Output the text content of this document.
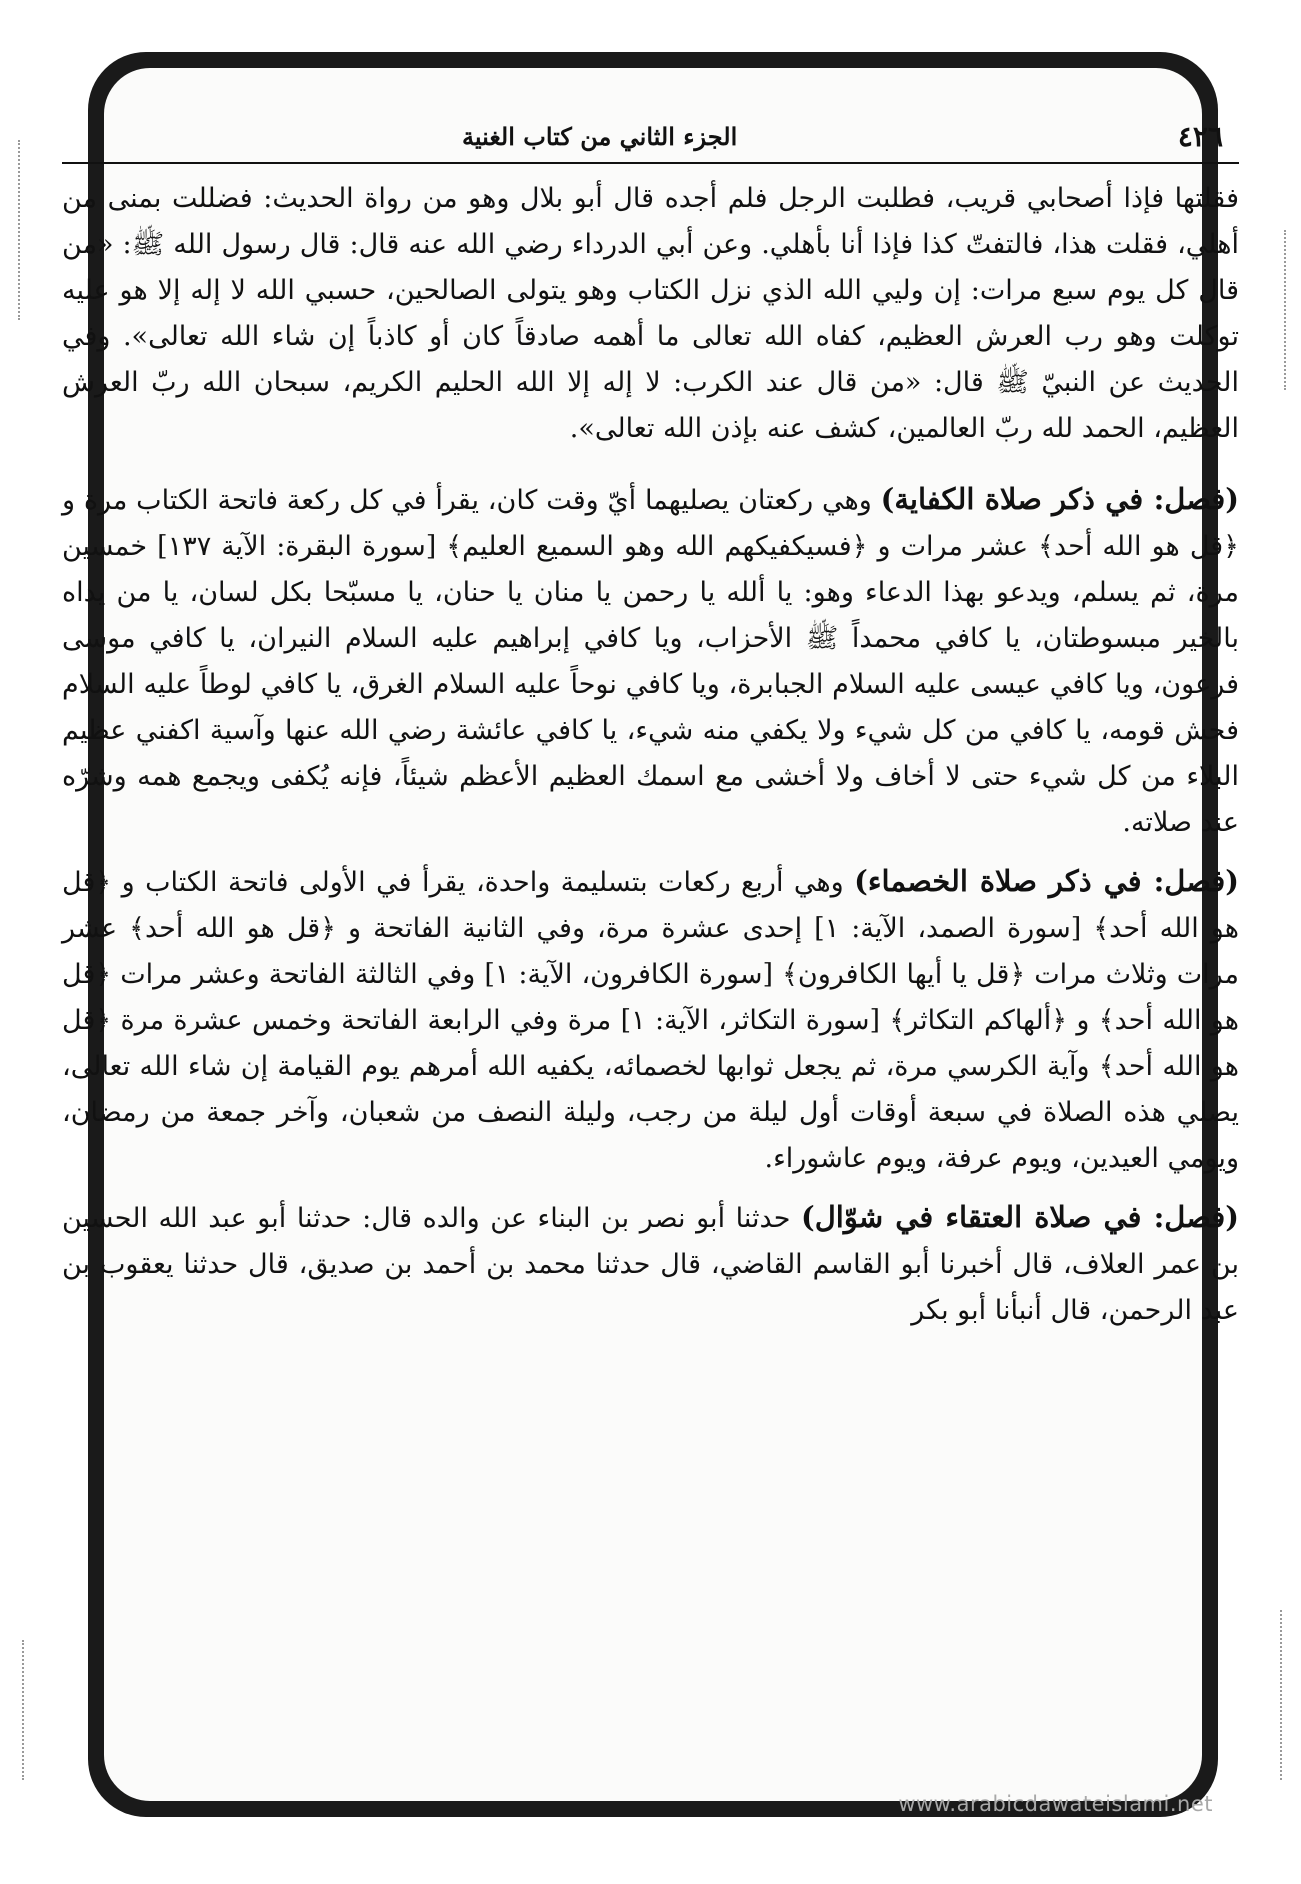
الجزء الثاني من كتاب الغنية	٤٢٦

فقلتها فإذا أصحابي قريب، فطلبت الرجل فلم أجده قال أبو بلال وهو من رواة الحديث: فضللت بمنى من أهلي، فقلت هذا، فالتفتّ كذا فإذا أنا بأهلي. وعن أبي الدرداء رضي الله عنه قال: قال رسول الله ﷺ: «من قال كل يوم سبع مرات: إن وليي الله الذي نزل الكتاب وهو يتولى الصالحين، حسبي الله لا إله إلا هو عليه توكلت وهو رب العرش العظيم، كفاه الله تعالى ما أهمه صادقاً كان أو كاذباً إن شاء الله تعالى». وفي الحديث عن النبيّ ﷺ قال: «من قال عند الكرب: لا إله إلا الله الحليم الكريم، سبحان الله ربّ العرش العظيم، الحمد لله ربّ العالمين، كشف عنه بإذن الله تعالى».

(فصل: في ذكر صلاة الكفاية) وهي ركعتان يصليهما أيّ وقت كان، يقرأ في كل ركعة فاتحة الكتاب مرة و ﴿قل هو الله أحد﴾ عشر مرات و ﴿فسيكفيكهم الله وهو السميع العليم﴾ [سورة البقرة: الآية ١٣٧] خمسين مرة، ثم يسلم، ويدعو بهذا الدعاء وهو: يا ألله يا رحمن يا منان يا حنان، يا مسبّحا بكل لسان، يا من يداه بالخير مبسوطتان، يا كافي محمداً ﷺ الأحزاب، ويا كافي إبراهيم عليه السلام النيران، يا كافي موسى فرعون، ويا كافي عيسى عليه السلام الجبابرة، ويا كافي نوحاً عليه السلام الغرق، يا كافي لوطاً عليه السلام فحش قومه، يا كافي من كل شيء ولا يكفي منه شيء، يا كافي عائشة رضي الله عنها وآسية اكفني عظيم البلاء من كل شيء حتى لا أخاف ولا أخشى مع اسمك العظيم الأعظم شيئاً، فإنه يُكفى ويجمع همه وشرّه عند صلاته.

(فصل: في ذكر صلاة الخصماء) وهي أربع ركعات بتسليمة واحدة، يقرأ في الأولى فاتحة الكتاب و ﴿قل هو الله أحد﴾ [سورة الصمد، الآية: ١] إحدى عشرة مرة، وفي الثانية الفاتحة و ﴿قل هو الله أحد﴾ عشر مرات وثلاث مرات ﴿قل يا أيها الكافرون﴾ [سورة الكافرون، الآية: ١] وفي الثالثة الفاتحة وعشر مرات ﴿قل هو الله أحد﴾ و ﴿ألهاكم التكاثر﴾ [سورة التكاثر، الآية: ١] مرة وفي الرابعة الفاتحة وخمس عشرة مرة ﴿قل هو الله أحد﴾ وآية الكرسي مرة، ثم يجعل ثوابها لخصمائه، يكفيه الله أمرهم يوم القيامة إن شاء الله تعالى، يصلي هذه الصلاة في سبعة أوقات أول ليلة من رجب، وليلة النصف من شعبان، وآخر جمعة من رمضان، ويومي العيدين، ويوم عرفة، ويوم عاشوراء.

(فصل: في صلاة العتقاء في شوّال) حدثنا أبو نصر بن البناء عن والده قال: حدثنا أبو عبد الله الحسين بن عمر العلاف، قال أخبرنا أبو القاسم القاضي، قال حدثنا محمد بن أحمد بن صديق، قال حدثنا يعقوب بن عبد الرحمن، قال أنبأنا أبو بكر

www.arabicdawateislami.net
